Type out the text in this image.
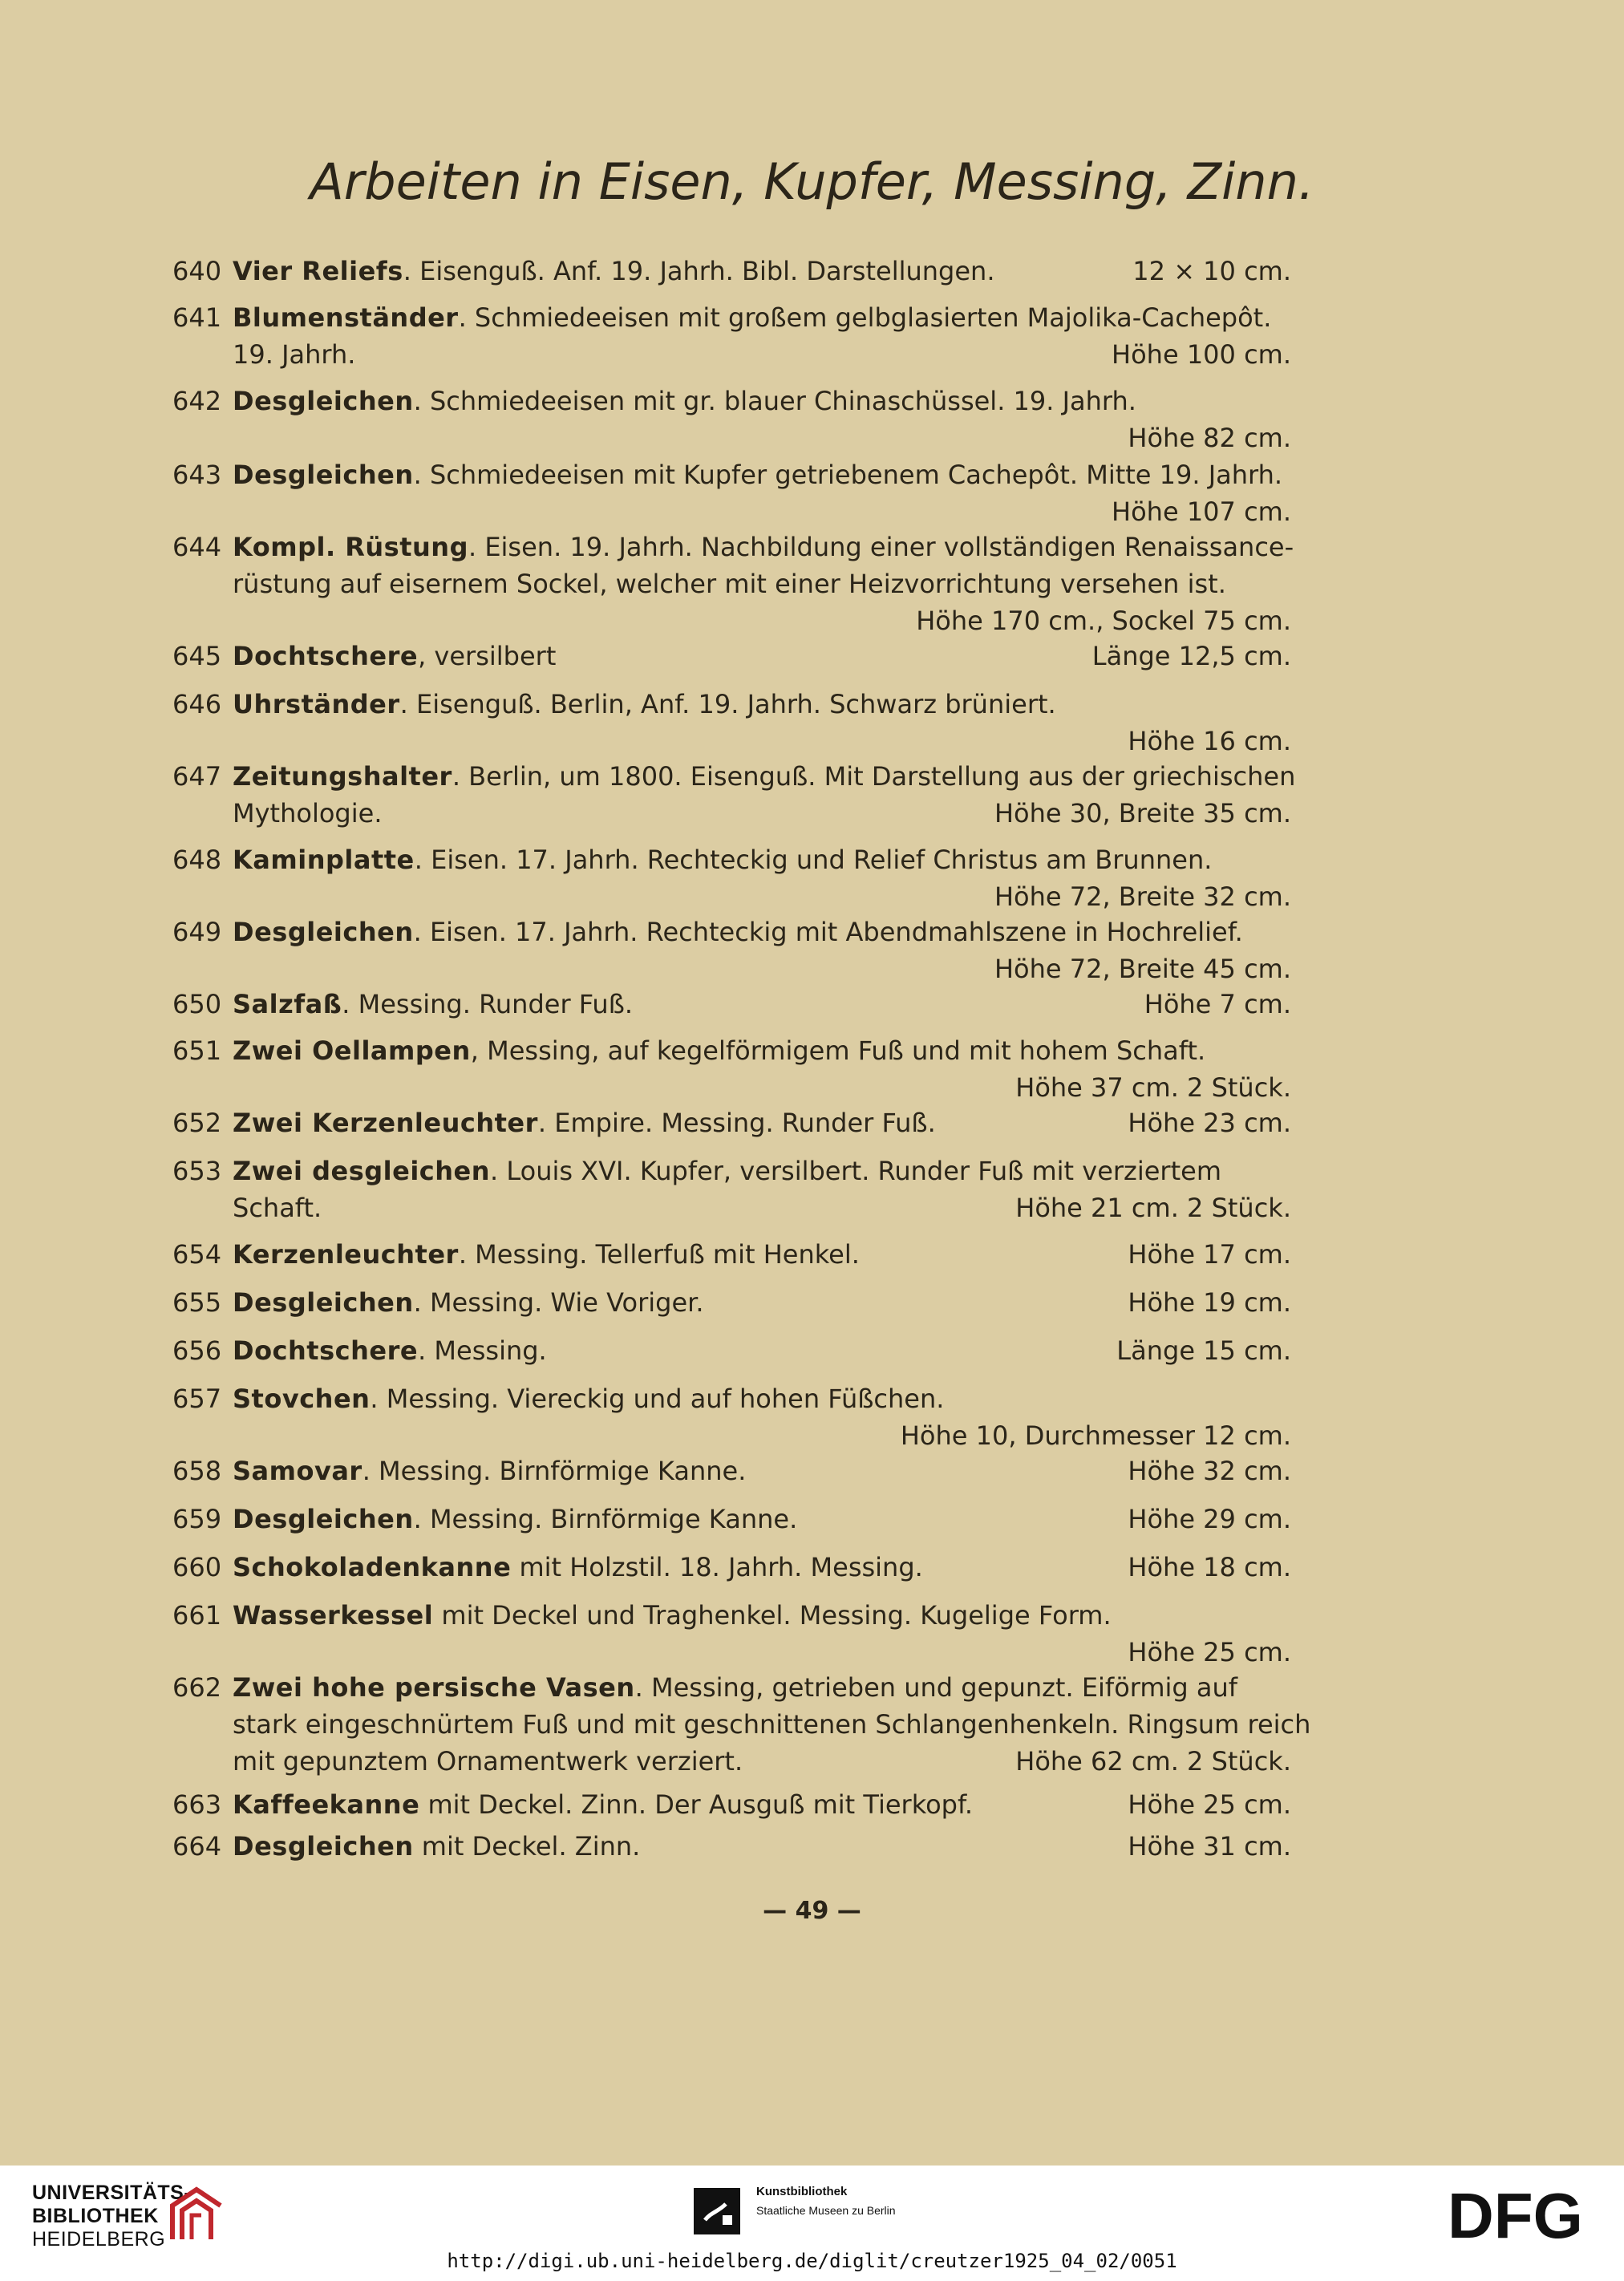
Arbeiten in Eisen, Kupfer, Messing, Zinn.
640 Vier Reliefs. Eisenguß. Anf. 19. Jahrh. Bibl. Darstellungen.	12 × 10 cm.
641 Blumenständer. Schmiedeeisen mit großem gelbglasierten Majolika-Cachepôt.
19. Jahrh.	Höhe 100 cm.
642 Desgleichen. Schmiedeeisen mit gr. blauer Chinaschüssel. 19. Jahrh.
Höhe 82 cm.
643 Desgleichen. Schmiedeeisen mit Kupfer getriebenem Cachepôt. Mitte 19. Jahrh.
Höhe 107 cm.
644 Kompl. Rüstung. Eisen. 19. Jahrh. Nachbildung einer vollständigen Renaissance-
rüstung auf eisernem Sockel, welcher mit einer Heizvorrichtung versehen ist.
Höhe 170 cm., Sockel 75 cm.
645 Dochtschere, versilbert	Länge 12,5 cm.
646 Uhrständer. Eisenguß. Berlin, Anf. 19. Jahrh. Schwarz brüniert.
Höhe 16 cm.
647 Zeitungshalter. Berlin, um 1800. Eisenguß. Mit Darstellung aus der griechischen
Mythologie.	Höhe 30, Breite 35 cm.
648 Kaminplatte. Eisen. 17. Jahrh. Rechteckig und Relief Christus am Brunnen.
Höhe 72, Breite 32 cm.
649 Desgleichen. Eisen. 17. Jahrh. Rechteckig mit Abendmahlszene in Hochrelief.
Höhe 72, Breite 45 cm.
650 Salzfaß. Messing. Runder Fuß.	Höhe 7 cm.
651 Zwei Oellampen, Messing, auf kegelförmigem Fuß und mit hohem Schaft.
Höhe 37 cm. 2 Stück.
652 Zwei Kerzenleuchter. Empire. Messing. Runder Fuß.	Höhe 23 cm.
653 Zwei desgleichen. Louis XVI. Kupfer, versilbert. Runder Fuß mit verziertem
Schaft.	Höhe 21 cm. 2 Stück.
654 Kerzenleuchter. Messing. Tellerfuß mit Henkel.	Höhe 17 cm.
655 Desgleichen. Messing. Wie Voriger.	Höhe 19 cm.
656 Dochtschere. Messing.	Länge 15 cm.
657 Stovchen. Messing. Viereckig und auf hohen Füßchen.
Höhe 10, Durchmesser 12 cm.
658 Samovar. Messing. Birnförmige Kanne.	Höhe 32 cm.
659 Desgleichen. Messing. Birnförmige Kanne.	Höhe 29 cm.
660 Schokoladenkanne mit Holzstil. 18. Jahrh. Messing.	Höhe 18 cm.
661 Wasserkessel mit Deckel und Traghenkel. Messing. Kugelige Form.
Höhe 25 cm.
662 Zwei hohe persische Vasen. Messing, getrieben und gepunzt. Eiförmig auf
stark eingeschnürtem Fuß und mit geschnittenen Schlangenhenkeln. Ringsum reich
mit gepunztem Ornamentwerk verziert.	Höhe 62 cm. 2 Stück.
663 Kaffeekanne mit Deckel. Zinn. Der Ausguß mit Tierkopf.	Höhe 25 cm.
664 Desgleichen mit Deckel. Zinn.	Höhe 31 cm.
— 49 —
UNIVERSITÄTS-
BIBLIOTHEK
HEIDELBERG
Kunstbibliothek
Staatliche Museen zu Berlin	DFG
http://digi.ub.uni-heidelberg.de/diglit/creutzer1925_04_02/0051
